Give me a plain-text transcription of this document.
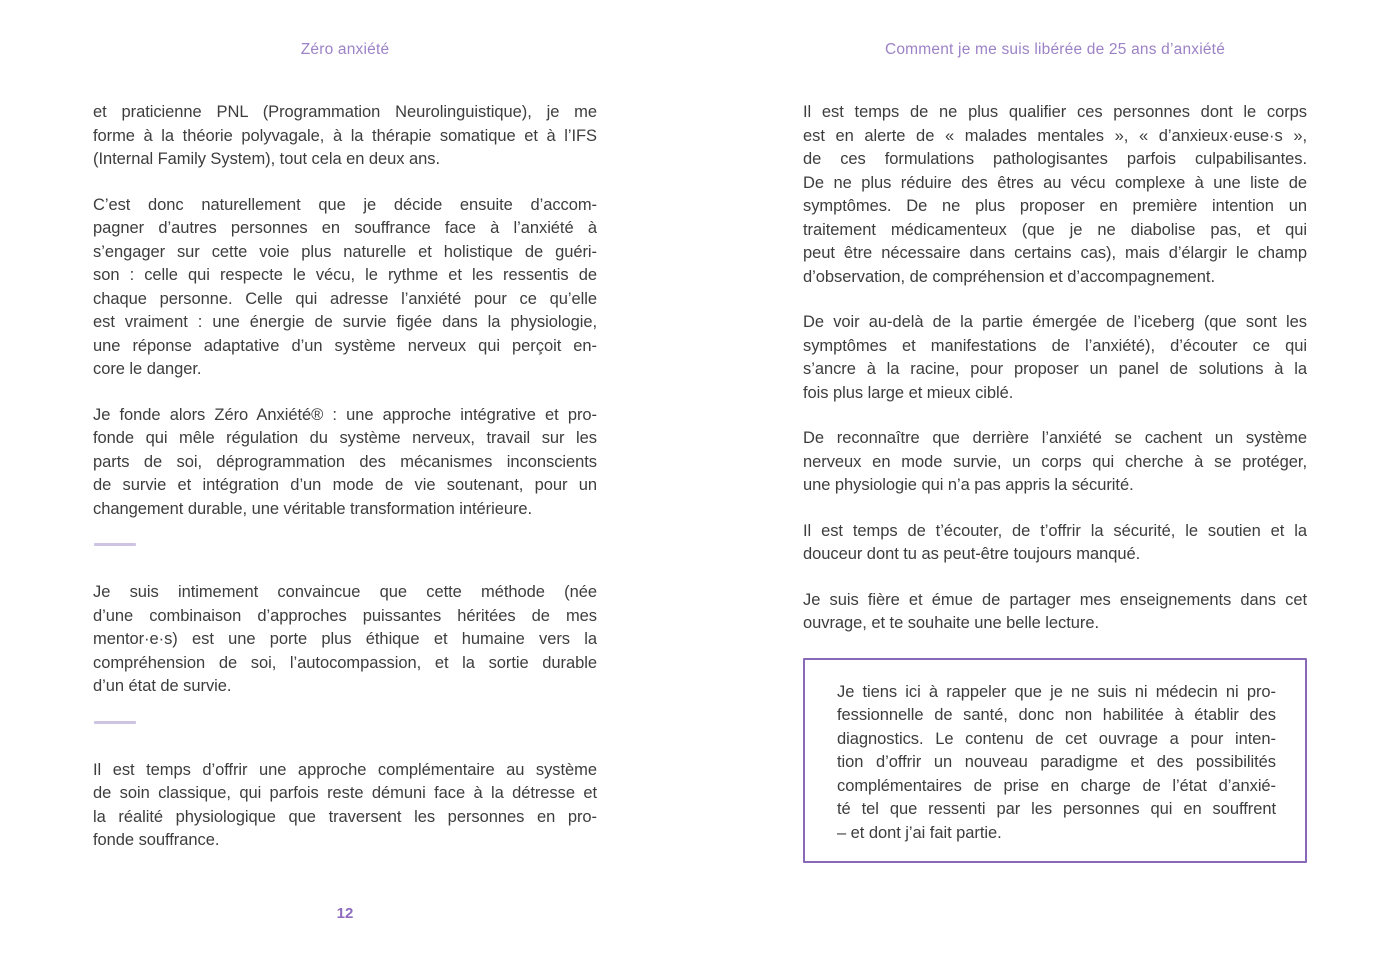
Zéro anxiété

et praticienne PNL (Programmation Neurolinguistique), je me
forme à la théorie polyvagale, à la thérapie somatique et à l’IFS
(Internal Family System), tout cela en deux ans.

C’est donc naturellement que je décide ensuite d’accom-
pagner d’autres personnes en souffrance face à l’anxiété à
s’engager sur cette voie plus naturelle et holistique de guéri-
son : celle qui respecte le vécu, le rythme et les ressentis de
chaque personne. Celle qui adresse l’anxiété pour ce qu’elle
est vraiment : une énergie de survie figée dans la physiologie,
une réponse adaptative d’un système nerveux qui perçoit en-
core le danger.

Je fonde alors Zéro Anxiété® : une approche intégrative et pro-
fonde qui mêle régulation du système nerveux, travail sur les
parts de soi, déprogrammation des mécanismes inconscients
de survie et intégration d’un mode de vie soutenant, pour un
changement durable, une véritable transformation intérieure.

Je suis intimement convaincue que cette méthode (née
d’une combinaison d’approches puissantes héritées de mes
mentor·e·s) est une porte plus éthique et humaine vers la
compréhension de soi, l’autocompassion, et la sortie durable
d’un état de survie.

Il est temps d’offrir une approche complémentaire au système
de soin classique, qui parfois reste démuni face à la détresse et
la réalité physiologique que traversent les personnes en pro-
fonde souffrance.

12
Comment je me suis libérée de 25 ans d’anxiété

Il est temps de ne plus qualifier ces personnes dont le corps
est en alerte de « malades mentales », « d’anxieux·euse·s »,
de ces formulations pathologisantes parfois culpabilisantes.
De ne plus réduire des êtres au vécu complexe à une liste de
symptômes. De ne plus proposer en première intention un
traitement médicamenteux (que je ne diabolise pas, et qui
peut être nécessaire dans certains cas), mais d’élargir le champ
d’observation, de compréhension et d’accompagnement.

De voir au-delà de la partie émergée de l’iceberg (que sont les
symptômes et manifestations de l’anxiété), d’écouter ce qui
s’ancre à la racine, pour proposer un panel de solutions à la
fois plus large et mieux ciblé.

De reconnaître que derrière l’anxiété se cachent un système
nerveux en mode survie, un corps qui cherche à se protéger,
une physiologie qui n’a pas appris la sécurité.

Il est temps de t’écouter, de t’offrir la sécurité, le soutien et la
douceur dont tu as peut-être toujours manqué.

Je suis fière et émue de partager mes enseignements dans cet
ouvrage, et te souhaite une belle lecture.

Je tiens ici à rappeler que je ne suis ni médecin ni pro-
fessionnelle de santé, donc non habilitée à établir des
diagnostics. Le contenu de cet ouvrage a pour inten-
tion d’offrir un nouveau paradigme et des possibilités
complémentaires de prise en charge de l’état d’anxié-
té tel que ressenti par les personnes qui en souffrent
– et dont j’ai fait partie.
